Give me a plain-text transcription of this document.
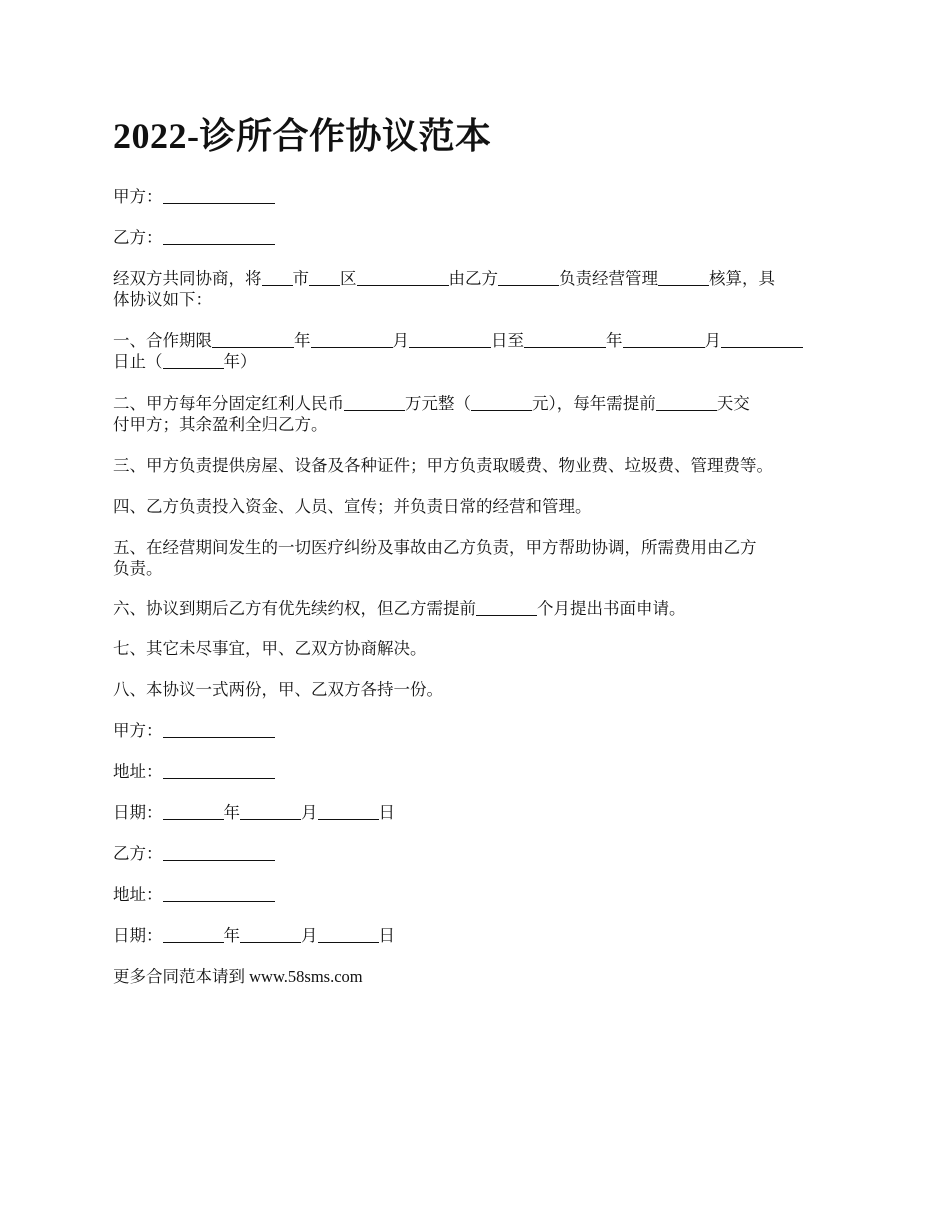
2022-诊所合作协议范本

甲方：

乙方：

经双方共同协商，将 市 区	由乙方	负责经营管理	核算，具
体协议如下：

一、合作期限	年	月	日至	年	月
日止（	年）

二、甲方每年分固定红利人民币	万元整（	元），每年需提前	天交
付甲方；其余盈利全归乙方。

三、甲方负责提供房屋、设备及各种证件；甲方负责取暖费、物业费、垃圾费、管理费等。

四、乙方负责投入资金、人员、宣传；并负责日常的经营和管理。

五、在经营期间发生的一切医疗纠纷及事故由乙方负责，甲方帮助协调，所需费用由乙方
负责。

六、协议到期后乙方有优先续约权，但乙方需提前	个月提出书面申请。

七、其它未尽事宜，甲、乙双方协商解决。

八、本协议一式两份，甲、乙双方各持一份。

甲方：

地址：

日期：	年	月	日

乙方：

地址：

日期：	年	月	日

更多合同范本请到 www.58sms.com
